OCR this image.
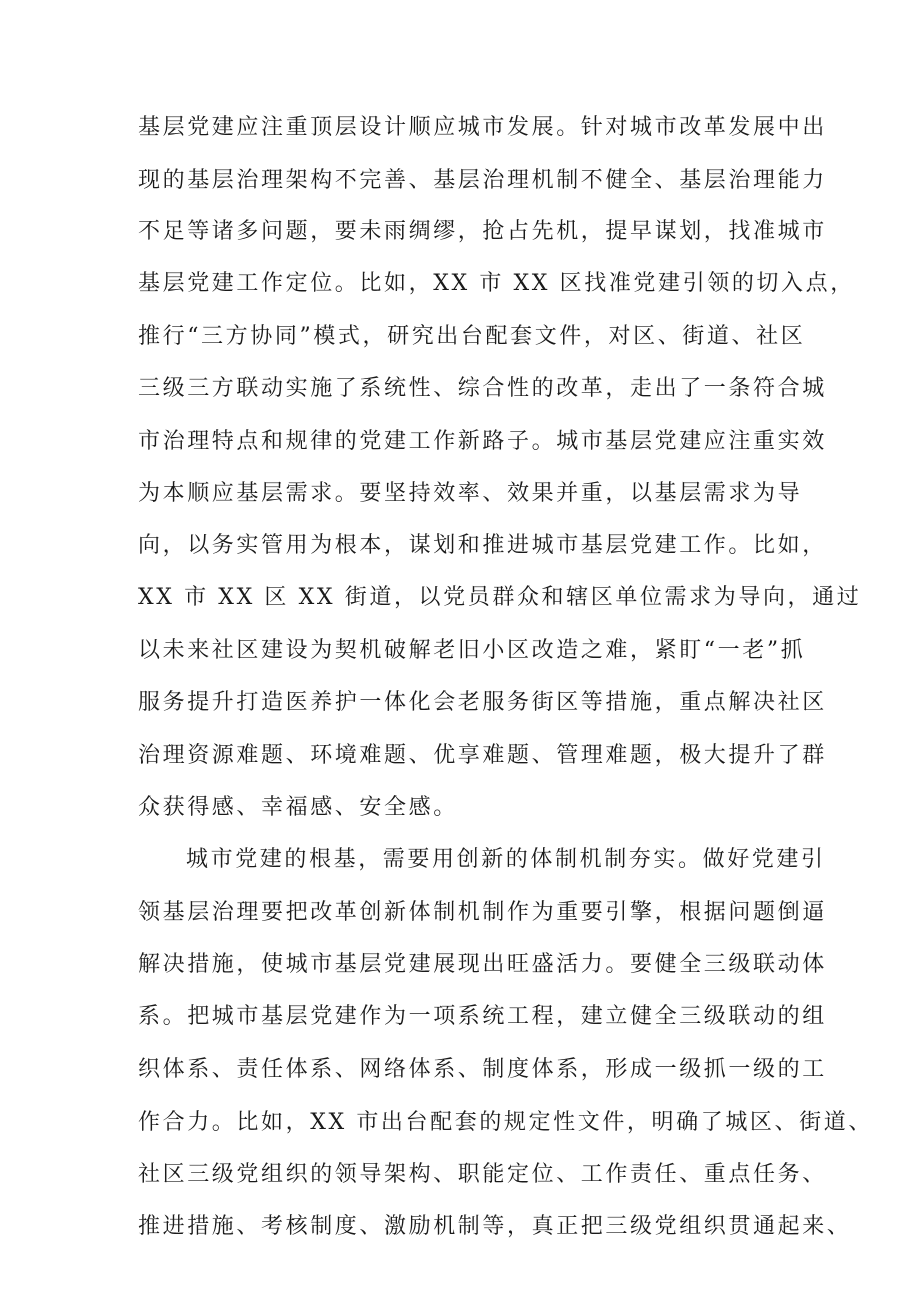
基层党建应注重顶层设计顺应城市发展。针对城市改革发展中出
现的基层治理架构不完善、基层治理机制不健全、基层治理能力
不足等诸多问题，要未雨绸缪，抢占先机，提早谋划，找准城市
基层党建工作定位。比如，XX 市 XX 区找准党建引领的切入点，
推行“三方协同”模式，研究出台配套文件，对区、街道、社区
三级三方联动实施了系统性、综合性的改革，走出了一条符合城
市治理特点和规律的党建工作新路子。城市基层党建应注重实效
为本顺应基层需求。要坚持效率、效果并重，以基层需求为导
向，以务实管用为根本，谋划和推进城市基层党建工作。比如，
XX 市 XX 区 XX 街道，以党员群众和辖区单位需求为导向，通过
以未来社区建设为契机破解老旧小区改造之难，紧盯“一老”抓
服务提升打造医养护一体化会老服务街区等措施，重点解决社区
治理资源难题、环境难题、优享难题、管理难题，极大提升了群
众获得感、幸福感、安全感。
城市党建的根基，需要用创新的体制机制夯实。做好党建引
领基层治理要把改革创新体制机制作为重要引擎，根据问题倒逼
解决措施，使城市基层党建展现出旺盛活力。要健全三级联动体
系。把城市基层党建作为一项系统工程，建立健全三级联动的组
织体系、责任体系、网络体系、制度体系，形成一级抓一级的工
作合力。比如，XX 市出台配套的规定性文件，明确了城区、街道、
社区三级党组织的领导架构、职能定位、工作责任、重点任务、
推进措施、考核制度、激励机制等，真正把三级党组织贯通起来、
